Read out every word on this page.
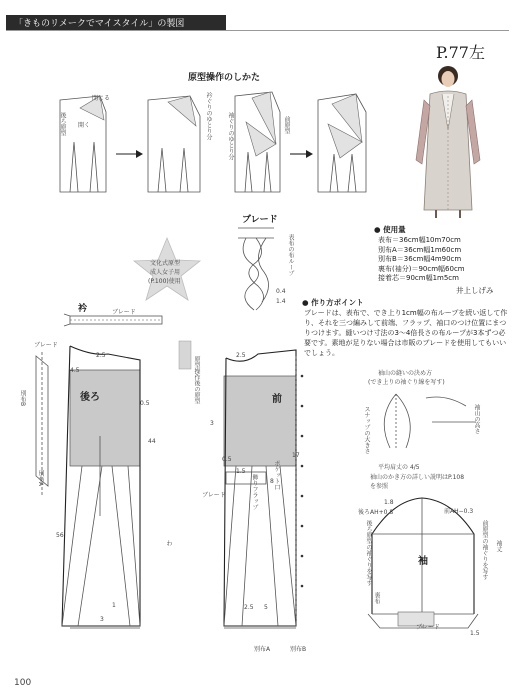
「きものリメークでマイスタイル」の製図
P.77左
原型操作のしかた
閉じる
後ろ原型 開く	衿ぐりのゆとり分	袖ぐりのゆとり分	前原型
文化式原型
成人女子用
(P.100)使用
ブレード
表布の布ループ
0.4
1.4
● 使用量
表布＝36cm幅10m70cm
別布A＝36cm幅1m60cm
別布B＝36cm幅4m90cm
裏布(袖分)＝90cm幅60cm
接着芯＝90cm幅1m5cm
井上しげみ
● 作り方ポイント
ブレードは、表布で、でき上り1cm幅の布ループを続い返して作り、それを三つ編みして前端、フラップ、袖口のつけ位置にまつりつけます。縫いつけ寸法の3～4倍長さの布ループが3本ずつ必要です。素地が足りない場合は市販のブレードを使用してもいいでしょう。
衿	ブレード
2.5
4.5
後ろ
ブレード
別布B
別布A
44
56
3
1
0.5
わ
原型操作後の原型	前
飾りフラップ	ポケット口
ブレード
別布A	別布B
2.5
3
1.5
8
0.5
2.5 5
17
袖山の縫いの決め方
(でき上りの袖ぐり線を写す)
スナップの大きさ	袖山の高さ
平均肩丈の 4/5
袖山のかき方の詳しい説明はP.108を参照
後ろAH+0.8	前AH−0.3
袖
袖丈
ブレード
裏布
1.8
1.5
後ろ原型の袖ぐりを写す	前原型の袖ぐりを写す
100
